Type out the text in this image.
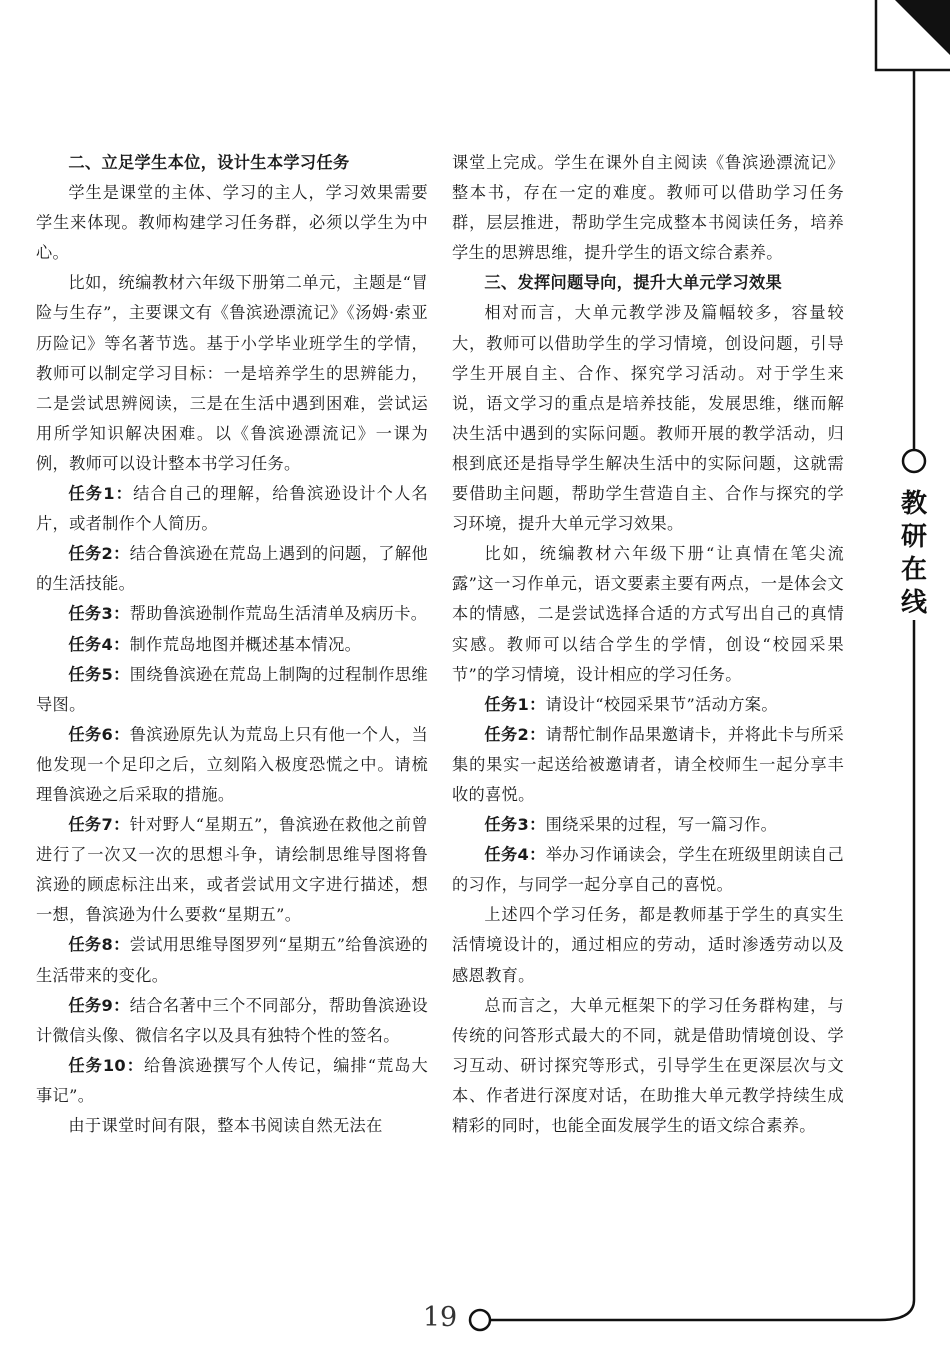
二、立足学生本位，设计生本学习任务

学生是课堂的主体、学习的主人，学习效果需要学生来体现。教师构建学习任务群，必须以学生为中心。

比如，统编教材六年级下册第二单元，主题是“冒险与生存”，主要课文有《鲁滨逊漂流记》《汤姆·索亚历险记》等名著节选。基于小学毕业班学生的学情，教师可以制定学习目标：一是培养学生的思辨能力，二是尝试思辨阅读，三是在生活中遇到困难，尝试运用所学知识解决困难。以《鲁滨逊漂流记》一课为例，教师可以设计整本书学习任务。

任务1：结合自己的理解，给鲁滨逊设计个人名片，或者制作个人简历。

任务2：结合鲁滨逊在荒岛上遇到的问题，了解他的生活技能。

任务3：帮助鲁滨逊制作荒岛生活清单及病历卡。

任务4：制作荒岛地图并概述基本情况。

任务5：围绕鲁滨逊在荒岛上制陶的过程制作思维导图。

任务6：鲁滨逊原先认为荒岛上只有他一个人，当他发现一个足印之后，立刻陷入极度恐慌之中。请梳理鲁滨逊之后采取的措施。

任务7：针对野人“星期五”，鲁滨逊在救他之前曾进行了一次又一次的思想斗争，请绘制思维导图将鲁滨逊的顾虑标注出来，或者尝试用文字进行描述，想一想，鲁滨逊为什么要救“星期五”。

任务8：尝试用思维导图罗列“星期五”给鲁滨逊的生活带来的变化。

任务9：结合名著中三个不同部分，帮助鲁滨逊设计微信头像、微信名字以及具有独特个性的签名。

任务10：给鲁滨逊撰写个人传记，编排“荒岛大事记”。

由于课堂时间有限，整本书阅读自然无法在

课堂上完成。学生在课外自主阅读《鲁滨逊漂流记》整本书，存在一定的难度。教师可以借助学习任务群，层层推进，帮助学生完成整本书阅读任务，培养学生的思辨思维，提升学生的语文综合素养。

三、发挥问题导向，提升大单元学习效果

相对而言，大单元教学涉及篇幅较多，容量较大，教师可以借助学生的学习情境，创设问题，引导学生开展自主、合作、探究学习活动。对于学生来说，语文学习的重点是培养技能，发展思维，继而解决生活中遇到的实际问题。教师开展的教学活动，归根到底还是指导学生解决生活中的实际问题，这就需要借助主问题，帮助学生营造自主、合作与探究的学习环境，提升大单元学习效果。

比如，统编教材六年级下册“让真情在笔尖流露”这一习作单元，语文要素主要有两点，一是体会文本的情感，二是尝试选择合适的方式写出自己的真情实感。教师可以结合学生的学情，创设“校园采果节”的学习情境，设计相应的学习任务。

任务1：请设计“校园采果节”活动方案。

任务2：请帮忙制作品果邀请卡，并将此卡与所采集的果实一起送给被邀请者，请全校师生一起分享丰收的喜悦。

任务3：围绕采果的过程，写一篇习作。

任务4：举办习作诵读会，学生在班级里朗读自己的习作，与同学一起分享自己的喜悦。

上述四个学习任务，都是教师基于学生的真实生活情境设计的，通过相应的劳动，适时渗透劳动以及感恩教育。

总而言之，大单元框架下的学习任务群构建，与传统的问答形式最大的不同，就是借助情境创设、学习互动、研讨探究等形式，引导学生在更深层次与文本、作者进行深度对话，在助推大单元教学持续生成精彩的同时，也能全面发展学生的语文综合素养。

教
研
在
线
19
